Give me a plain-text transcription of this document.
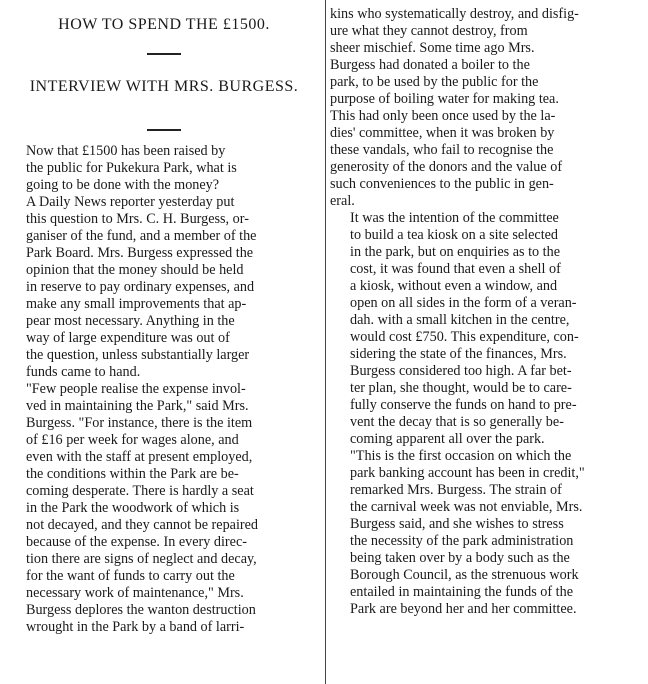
HOW TO SPEND THE £1500.
INTERVIEW WITH MRS. BURGESS.

Now that £1500 has been raised by
the public for Pukekura Park, what is
going to be done with the money?

A Daily News reporter yesterday put
this question to Mrs. C. H. Burgess, or-
ganiser of the fund, and a member of the
Park Board. Mrs. Burgess expressed the
opinion that the money should be held
in reserve to pay ordinary expenses, and
make any small improvements that ap-
pear most necessary. Anything in the
way of large expenditure was out of
the question, unless substantially larger
funds came to hand.

"Few people realise the expense invol-
ved in maintaining the Park," said Mrs.
Burgess. "For instance, there is the item
of £16 per week for wages alone, and
even with the staff at present employed,
the conditions within the Park are be-
coming desperate. There is hardly a seat
in the Park the woodwork of which is
not decayed, and they cannot be repaired
because of the expense. In every direc-
tion there are signs of neglect and decay,
for the want of funds to carry out the
necessary work of maintenance," Mrs.
Burgess deplores the wanton destruction
wrought in the Park by a band of larri-

kins who systematically destroy, and disfig-
ure what they cannot destroy, from
sheer mischief. Some time ago Mrs.
Burgess had donated a boiler to the
park, to be used by the public for the
purpose of boiling water for making tea.
This had only been once used by the la-
dies' committee, when it was broken by
these vandals, who fail to recognise the
generosity of the donors and the value of
such conveniences to the public in gen-
eral.

It was the intention of the committee
to build a tea kiosk on a site selected
in the park, but on enquiries as to the
cost, it was found that even a shell of
a kiosk, without even a window, and
open on all sides in the form of a veran-
dah. with a small kitchen in the centre,
would cost £750. This expenditure, con-
sidering the state of the finances, Mrs.
Burgess considered too high. A far bet-
ter plan, she thought, would be to care-
fully conserve the funds on hand to pre-
vent the decay that is so generally be-
coming apparent all over the park.

"This is the first occasion on which the
park banking account has been in credit,"
remarked Mrs. Burgess. The strain of
the carnival week was not enviable, Mrs.
Burgess said, and she wishes to stress
the necessity of the park administration
being taken over by a body such as the
Borough Council, as the strenuous work
entailed in maintaining the funds of the
Park are beyond her and her committee.
